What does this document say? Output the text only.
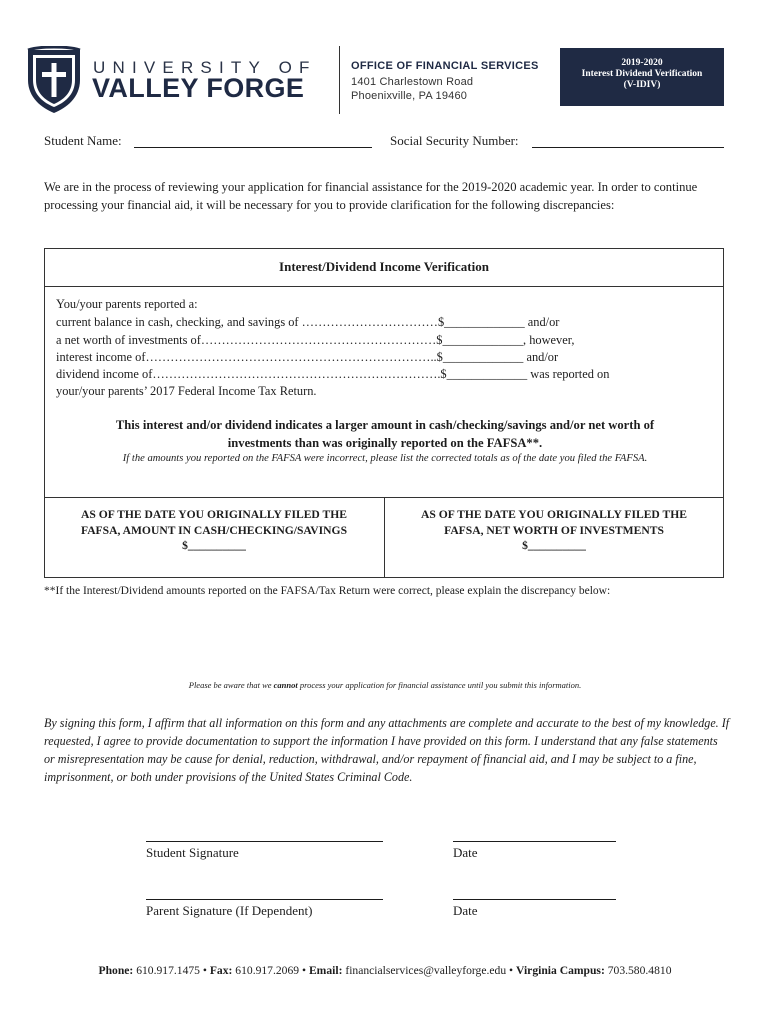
UNIVERSITY OF
VALLEY FORGE
OFFICE OF FINANCIAL SERVICES
1401 Charlestown Road
Phoenixville, PA 19460
2019-2020
Interest Dividend Verification
(V-IDIV)
Student Name:	Social Security Number:
We are in the process of reviewing your application for financial assistance for the 2019-2020 academic year. In order to continue processing your financial aid, it will be necessary for you to provide clarification for the following discrepancies:
Interest/Dividend Income Verification
You/your parents reported a:
current balance in cash, checking, and savings of ……………………………$_____________ and/or
a net worth of investments of…………………………………………………$_____________, however,
interest income of……………………………………………………………..$_____________ and/or
dividend income of…………………………………………………………….$_____________ was reported on
your/your parents’ 2017 Federal Income Tax Return.
This interest and/or dividend indicates a larger amount in cash/checking/savings and/or net worth of
investments than was originally reported on the FAFSA**.
If the amounts you reported on the FAFSA were incorrect, please list the corrected totals as of the date you filed the FAFSA.
AS OF THE DATE YOU ORIGINALLY FILED THE
FAFSA, AMOUNT IN CASH/CHECKING/SAVINGS
$__________
AS OF THE DATE YOU ORIGINALLY FILED THE
FAFSA, NET WORTH OF INVESTMENTS
$__________
**If the Interest/Dividend amounts reported on the FAFSA/Tax Return were correct, please explain the discrepancy below:
Please be aware that we cannot process your application for financial assistance until you submit this information.
By signing this form, I affirm that all information on this form and any attachments are complete and accurate to the best of my knowledge. If requested, I agree to provide documentation to support the information I have provided on this form. I understand that any false statements or misrepresentation may be cause for denial, reduction, withdrawal, and/or repayment of financial aid, and I may be subject to a fine, imprisonment, or both under provisions of the United States Criminal Code.
Student Signature	Date
Parent Signature (If Dependent)	Date
Phone: 610.917.1475 • Fax: 610.917.2069 • Email: financialservices@valleyforge.edu • Virginia Campus: 703.580.4810
